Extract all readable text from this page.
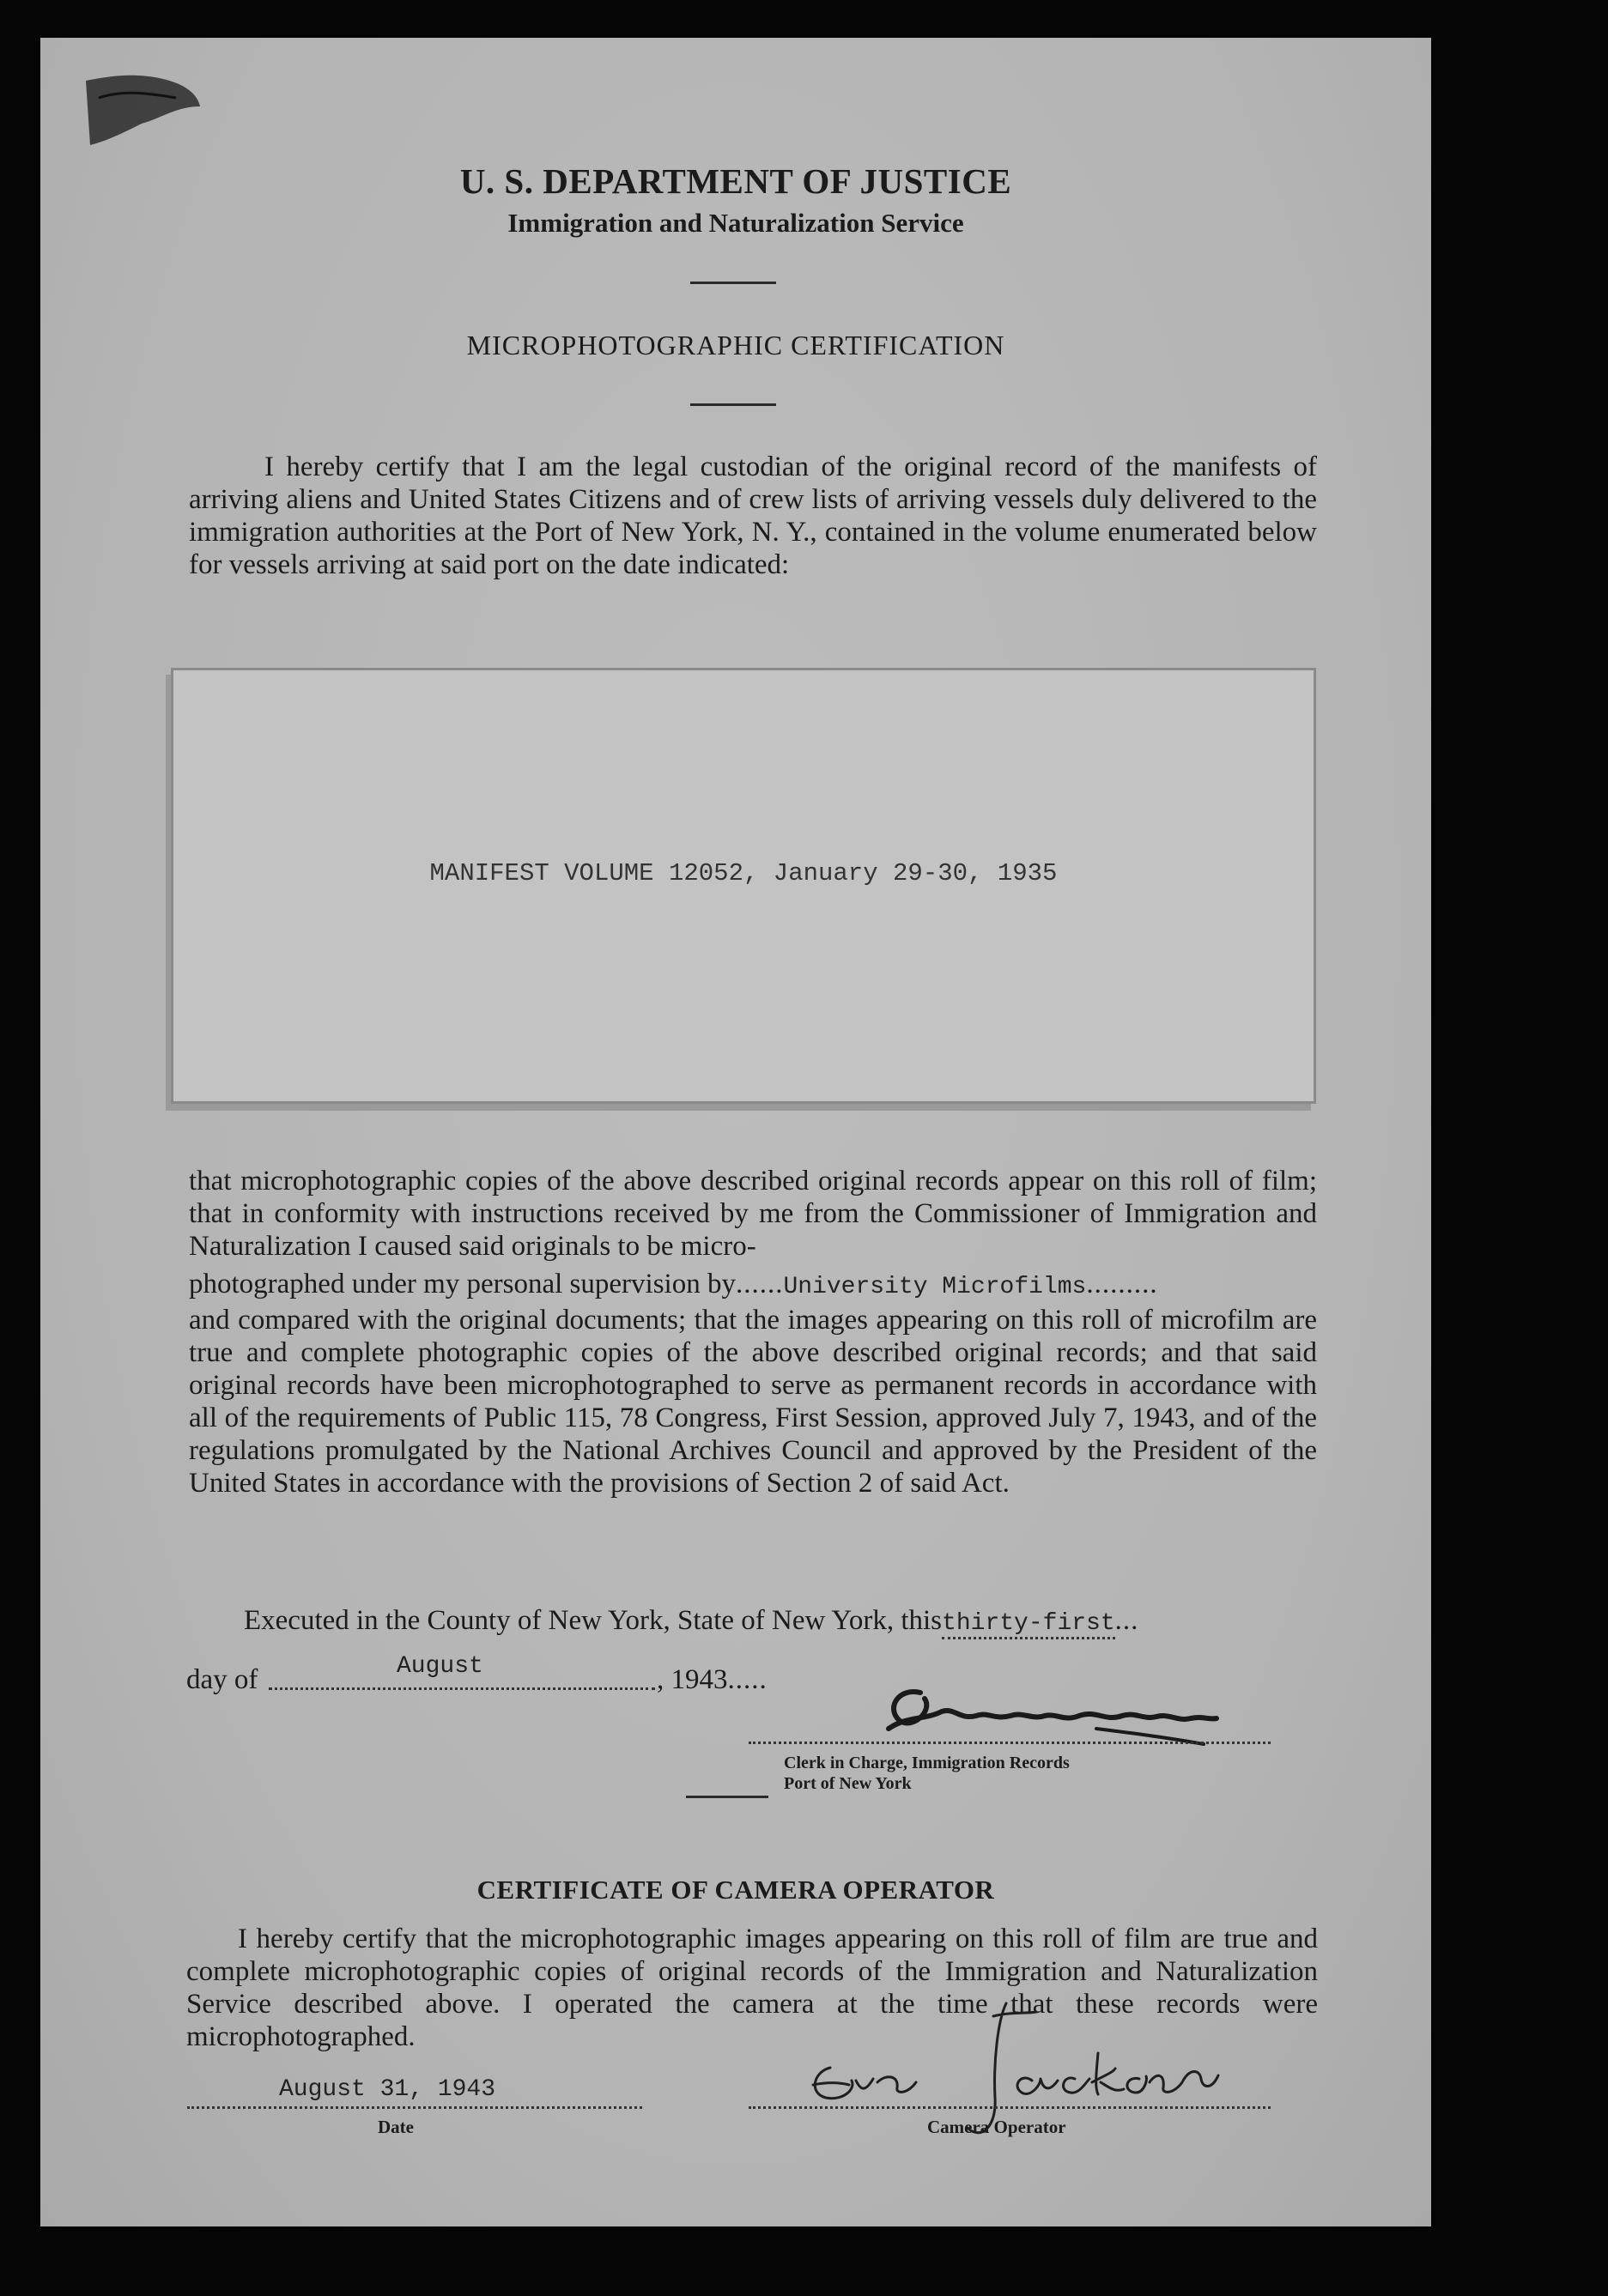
U. S. DEPARTMENT OF JUSTICE
Immigration and Naturalization Service
MICROPHOTOGRAPHIC CERTIFICATION

I hereby certify that I am the legal custodian of the original record of the manifests of arriving aliens and United States Citizens and of crew lists of arriving vessels duly delivered to the immigration authorities at the Port of New York, N. Y., contained in the volume enumerated below for vessels arriving at said port on the date indicated:

MANIFEST VOLUME 12052, January 29-30, 1935

that microphotographic copies of the above described original records appear on this roll of film; that in conformity with instructions received by me from the Commissioner of Immigration and Naturalization I caused said originals to be micro-

photographed under my personal supervision by......University Microfilms.........

and compared with the original documents; that the images appearing on this roll of microfilm are true and complete photographic copies of the above described original records; and that said original records have been microphotographed to serve as permanent records in accordance with all of the requirements of Public 115, 78 Congress, First Session, approved July 7, 1943, and of the regulations promulgated by the National Archives Council and approved by the President of the United States in accordance with the provisions of Section 2 of said Act.

Executed in the County of New York, State of New York, thisthirty-first...
day of	August	, 1943.....
Clerk in Charge, Immigration Records
Port of New York
CERTIFICATE OF CAMERA OPERATOR

I hereby certify that the microphotographic images appearing on this roll of film are true and complete microphotographic copies of original records of the Immigration and Naturalization Service described above. I operated the camera at the time that these records were microphotographed.

August 31, 1943
Date	Camera Operator
